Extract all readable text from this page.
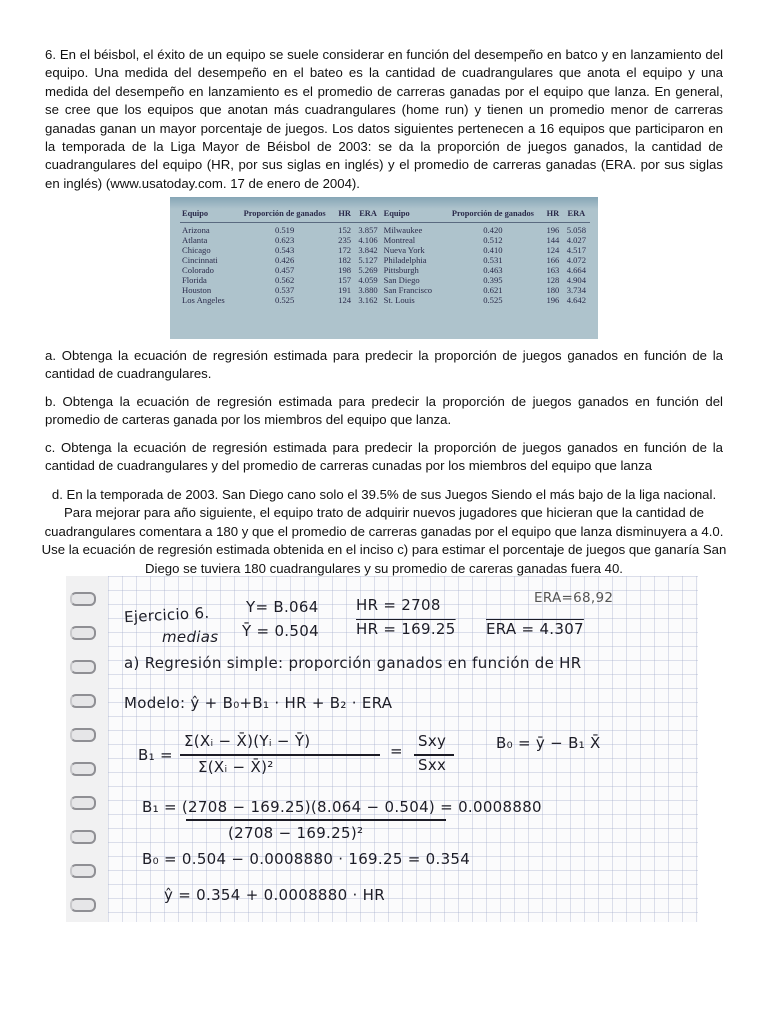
6. En el béisbol, el éxito de un equipo se suele considerar en función del desempeño en batco y en lanzamiento del equipo. Una medida del desempeño en el bateo es la cantidad de cuadrangulares que anota el equipo y una medida del desempeño en lanzamiento es el promedio de carreras ganadas por el equipo que lanza. En general, se cree que los equipos que anotan más cuadrangulares (home run) y tienen un promedio menor de carreras ganadas ganan un mayor porcentaje de juegos. Los datos siguientes pertenecen a 16 equipos que participaron en la temporada de la Liga Mayor de Béisbol de 2003: se da la proporción de juegos ganados, la cantidad de cuadrangulares del equipo (HR, por sus siglas en inglés) y el promedio de carreras ganadas (ERA. por sus siglas en inglés) (www.usatoday.com. 17 de enero de 2004).

Equipo	Proporción de ganados	HR	ERA	Equipo	Proporción de ganados	HR	ERA
Arizona	0.519	152	3.857	Milwaukee	0.420	196	5.058
Atlanta	0.623	235	4.106	Montreal	0.512	144	4.027
Chicago	0.543	172	3.842	Nueva York	0.410	124	4.517
Cincinnati	0.426	182	5.127	Philadelphia	0.531	166	4.072
Colorado	0.457	198	5.269	Pittsburgh	0.463	163	4.664
Florida	0.562	157	4.059	San Diego	0.395	128	4.904
Houston	0.537	191	3.880	San Francisco	0.621	180	3.734
Los Angeles	0.525	124	3.162	St. Louis	0.525	196	4.642

a. Obtenga la ecuación de regresión estimada para predecir la proporción de juegos ganados en función de la cantidad de cuadrangulares.

b. Obtenga la ecuación de regresión estimada para predecir la proporción de juegos ganados en función del promedio de carteras ganada por los miembros del equipo que lanza.

c. Obtenga la ecuación de regresión estimada para predecir la proporción de juegos ganados en función de la cantidad de cuadrangulares y del promedio de carreras cunadas por los miembros del equipo que lanza

d. En la temporada de 2003. San Diego cano solo el 39.5% de sus Juegos Siendo el más bajo de la liga nacional. Para mejorar para año siguiente, el equipo trato de adquirir nuevos jugadores que hicieran que la cantidad de cuadrangulares comentara a 180 y que el promedio de carreras ganadas por el equipo que lanza disminuyera a 4.0. Use la ecuación de regresión estimada obtenida en el inciso c) para estimar el porcentaje de juegos que ganaría San Diego se tuviera 180 cuadrangulares y su promedio de careras ganadas fuera 40.

Ejercicio 6. Y= B.064 HR = 2708	ERA=68,92
medias Ȳ = 0.504 HR = 169.25 ERA = 4.307
a) Regresión simple: proporción ganados en función de HR
Modelo: ŷ + B₀+B₁ · HR + B₂ · ERA
B₁ =
Σ(Xᵢ − X̄)(Yᵢ − Ȳ)
Σ(Xᵢ − X̄)²
=
Sxy
Sxx
B₀ = ȳ − B₁ X̄
B₁ = (2708 − 169.25)(8.064 − 0.504) = 0.0008880
(2708 − 169.25)²
B₀ = 0.504 − 0.0008880 · 169.25 = 0.354
ŷ = 0.354 + 0.0008880 · HR
